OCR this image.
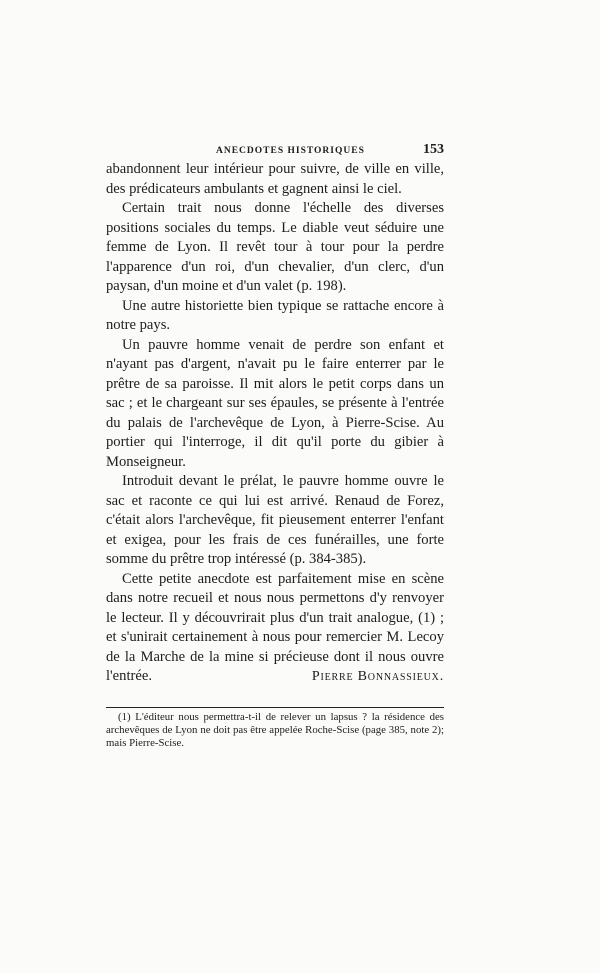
ANECDOTES HISTORIQUES	153

abandonnent leur intérieur pour suivre, de ville en ville, des prédicateurs ambulants et gagnent ainsi le ciel.

Certain trait nous donne l'échelle des diverses positions sociales du temps. Le diable veut séduire une femme de Lyon. Il revêt tour à tour pour la perdre l'apparence d'un roi, d'un chevalier, d'un clerc, d'un paysan, d'un moine et d'un valet (p. 198).

Une autre historiette bien typique se rattache encore à notre pays.

Un pauvre homme venait de perdre son enfant et n'ayant pas d'argent, n'avait pu le faire enterrer par le prêtre de sa paroisse. Il mit alors le petit corps dans un sac ; et le chargeant sur ses épaules, se présente à l'entrée du palais de l'archevêque de Lyon, à Pierre-Scise. Au portier qui l'interroge, il dit qu'il porte du gibier à Monseigneur.

Introduit devant le prélat, le pauvre homme ouvre le sac et raconte ce qui lui est arrivé. Renaud de Forez, c'était alors l'archevêque, fit pieusement enterrer l'enfant et exigea, pour les frais de ces funérailles, une forte somme du prêtre trop intéressé (p. 384-385).

Cette petite anecdote est parfaitement mise en scène dans notre recueil et nous nous permettons d'y renvoyer le lecteur. Il y découvrirait plus d'un trait analogue, (1) ; et s'unirait certainement à nous pour remercier M. Lecoy de la Marche de la mine si précieuse dont il nous ouvre l'entrée.	Pierre Bonnassieux.

(1) L'éditeur nous permettra-t-il de relever un lapsus ? la résidence des archevêques de Lyon ne doit pas être appelée Roche-Scise (page 385, note 2); mais Pierre-Scise.
